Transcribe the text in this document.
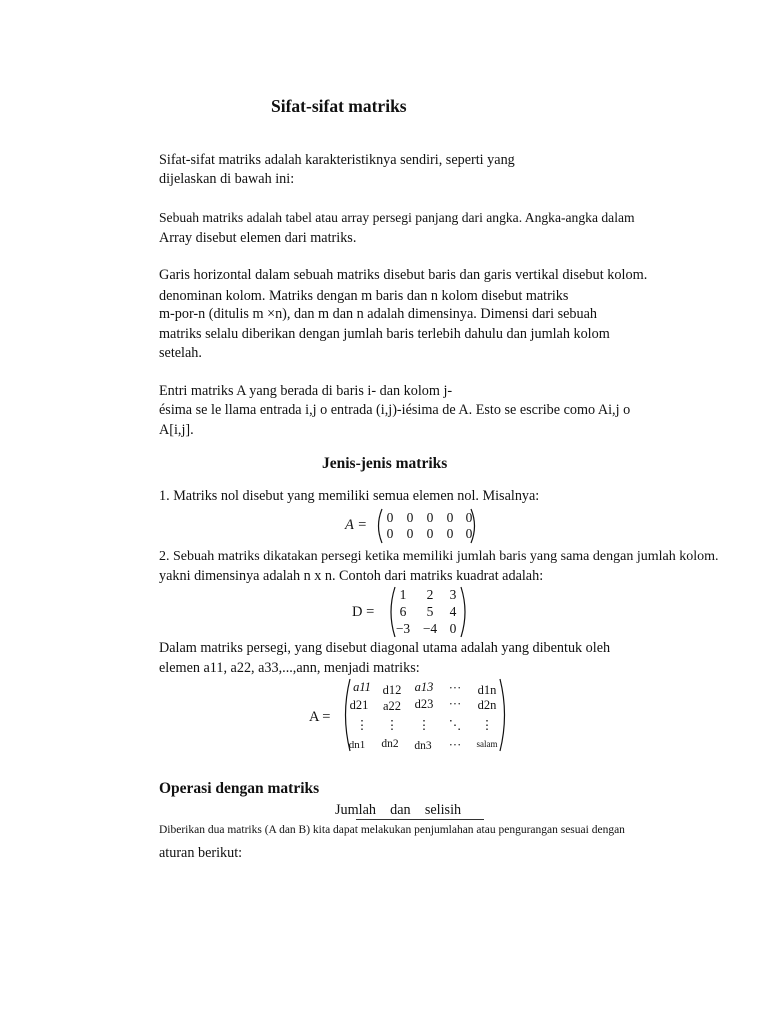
Sifat-sifat matriks
Sifat-sifat matriks adalah karakteristiknya sendiri, seperti yang
dijelaskan di bawah ini:
Sebuah matriks adalah tabel atau array persegi panjang dari angka. Angka-angka dalam
Array disebut elemen dari matriks.
Garis horizontal dalam sebuah matriks disebut baris dan garis vertikal disebut kolom.
denominan kolom. Matriks dengan m baris dan n kolom disebut matriks
m-por-n (ditulis m ×n), dan m dan n adalah dimensinya. Dimensi dari sebuah
matriks selalu diberikan dengan jumlah baris terlebih dahulu dan jumlah kolom
setelah.
Entri matriks A yang berada di baris i- dan kolom j-
ésima se le llama entrada i,j o entrada (i,j)-iésima de A. Esto se escribe como Ai,j o
A[i,j].
Jenis-jenis matriks
1. Matriks nol disebut yang memiliki semua elemen nol. Misalnya:
A = 0 0 0 0 0
0 0 0 0 0
2. Sebuah matriks dikatakan persegi ketika memiliki jumlah baris yang sama dengan jumlah kolom.
yakni dimensinya adalah n x n. Contoh dari matriks kuadrat adalah:
D =
1	2	3
6	5	4
−3 −4 0
Dalam matriks persegi, yang disebut diagonal utama adalah yang dibentuk oleh
elemen a11, a22, a33,...,ann, menjadi matriks:
A =
a11 d12 a13	···	d1n
d21	a22	d23	···	d2n
⋮	⋮	⋮	⋱	⋮
dn1	dn2	dn3	···	salam
Operasi dengan matriks
Jumlah    dan    selisih
Diberikan dua matriks (A dan B) kita dapat melakukan penjumlahan atau pengurangan sesuai dengan
aturan berikut:
